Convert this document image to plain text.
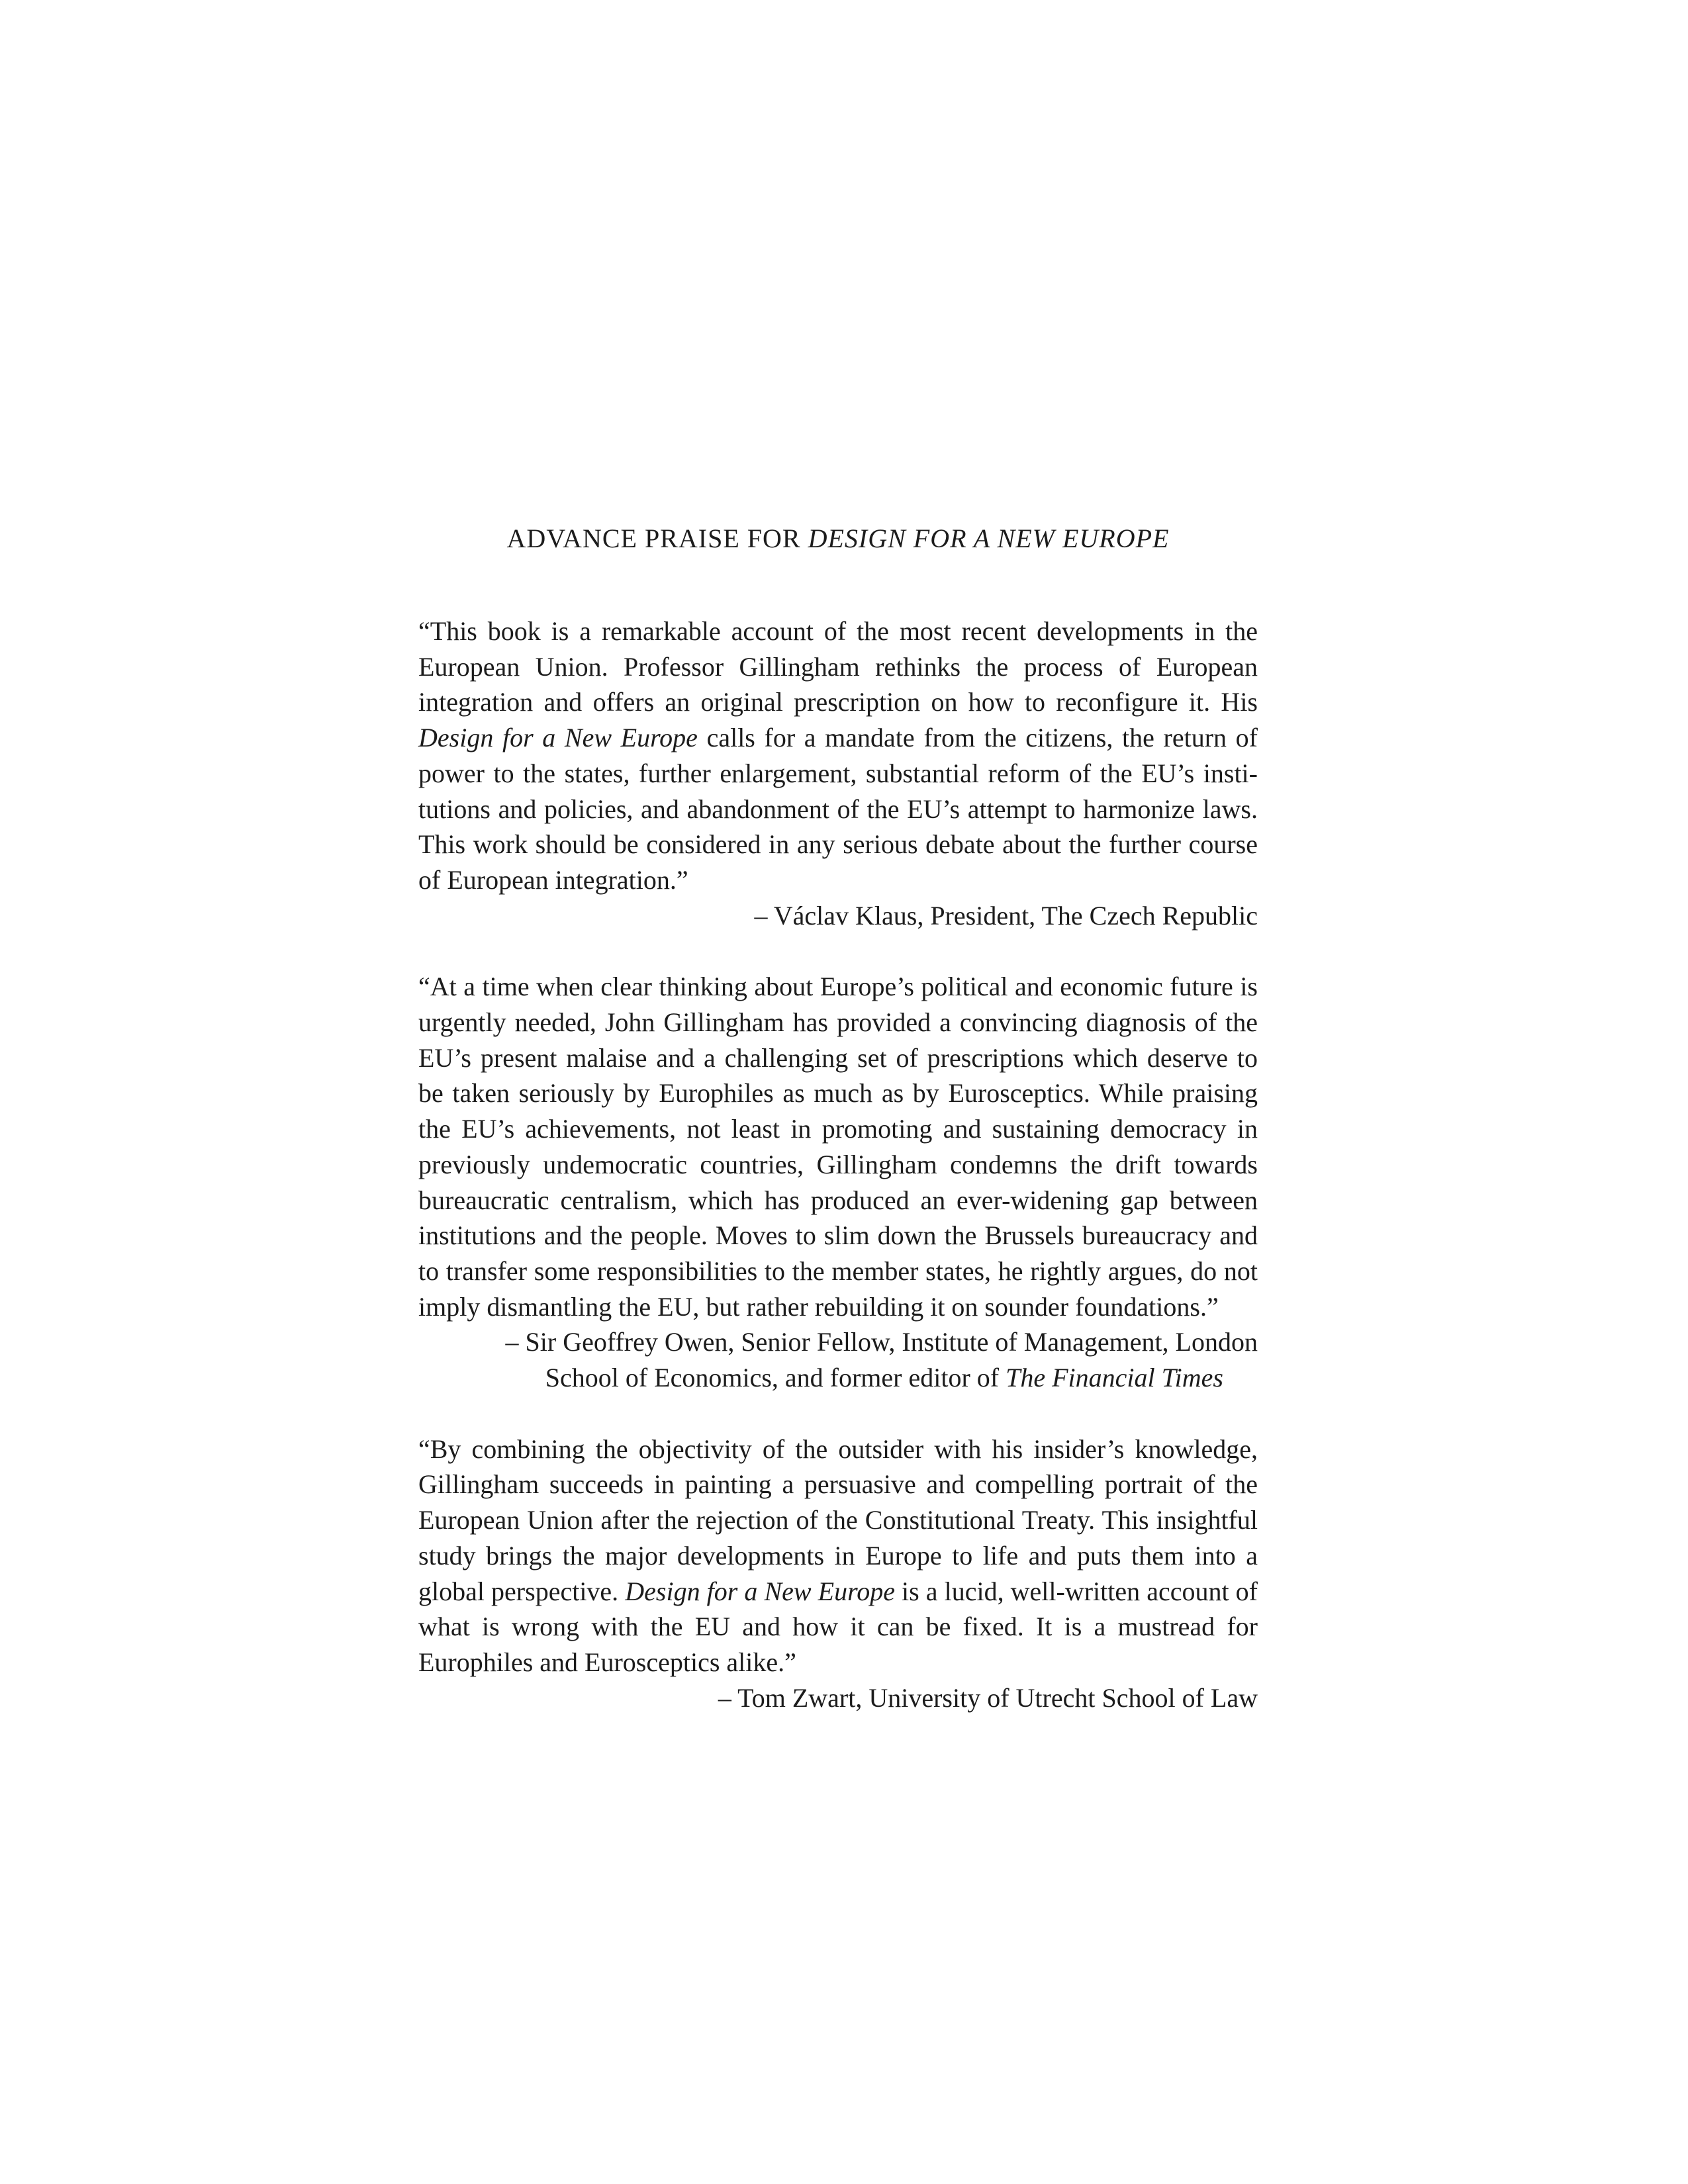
ADVANCE PRAISE FOR DESIGN FOR A NEW EUROPE

“This book is a remarkable account of the most recent developments in the European Union. Professor Gillingham rethinks the process of European integration and offers an original prescription on how to reconfigure it. His Design for a New Europe calls for a mandate from the citizens, the return of power to the states, further enlargement, substantial reform of the EU’s institutions and policies, and abandonment of the EU’s attempt to harmonize laws. This work should be considered in any serious debate about the further course of European integration.”

– Václav Klaus, President, The Czech Republic

“At a time when clear thinking about Europe’s political and economic future is urgently needed, John Gillingham has provided a convincing diagnosis of the EU’s present malaise and a challenging set of prescriptions which deserve to be taken seriously by Europhiles as much as by Eurosceptics. While praising the EU’s achievements, not least in promoting and sustaining democracy in previously undemocratic countries, Gillingham condemns the drift towards bureaucratic centralism, which has produced an ever-widening gap between institutions and the people. Moves to slim down the Brussels bureaucracy and to transfer some responsibilities to the member states, he rightly argues, do not imply dismantling the EU, but rather rebuilding it on sounder foundations.”

– Sir Geoffrey Owen, Senior Fellow, Institute of Management, London
School of Economics, and former editor of The Financial Times

“By combining the objectivity of the outsider with his insider’s knowledge, Gillingham succeeds in painting a persuasive and compelling portrait of the European Union after the rejection of the Constitutional Treaty. This insightful study brings the major developments in Europe to life and puts them into a global perspective. Design for a New Europe is a lucid, well-written account of what is wrong with the EU and how it can be fixed. It is a mustread for Europhiles and Eurosceptics alike.”

– Tom Zwart, University of Utrecht School of Law
